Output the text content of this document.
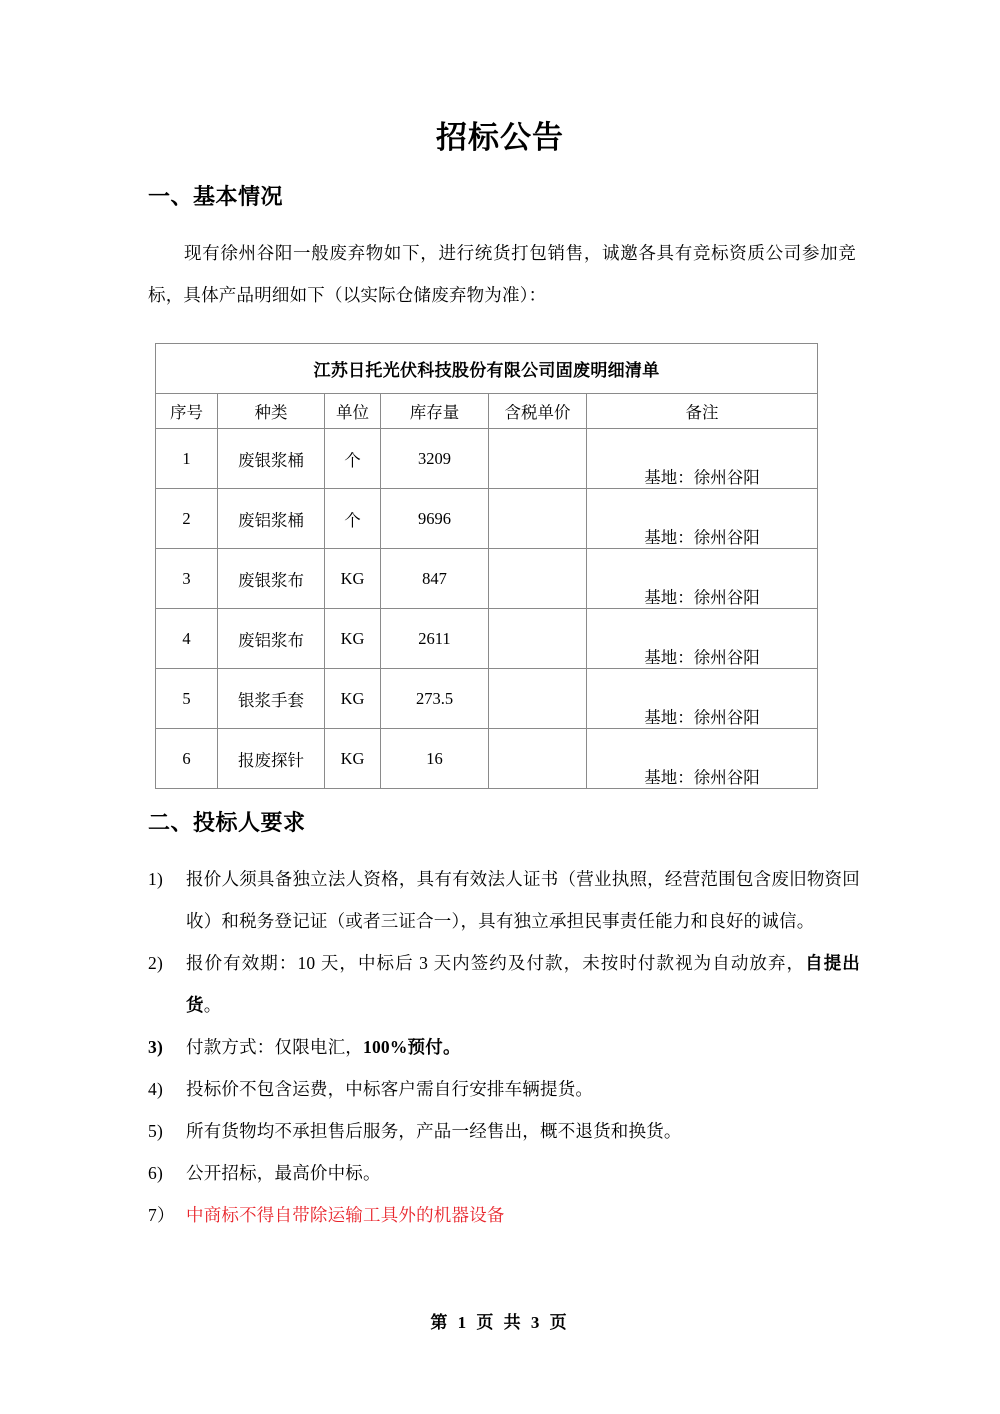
招标公告
一、基本情况
现有徐州谷阳一般废弃物如下，进行统货打包销售，诚邀各具有竞标资质公司参加竞标，具体产品明细如下（以实际仓储废弃物为准）：
江苏日托光伏科技股份有限公司固废明细清单					
序号	种类	单位	库存量	含税单价	备注
1	废银浆桶	个	3209		基地：徐州谷阳
2	废铝浆桶	个	9696		基地：徐州谷阳
3	废银浆布	KG	847		基地：徐州谷阳
4	废铝浆布	KG	2611		基地：徐州谷阳
5	银浆手套	KG	273.5		基地：徐州谷阳
6	报废探针	KG	16		基地：徐州谷阳
二、投标人要求
1)	报价人须具备独立法人资格，具有有效法人证书（营业执照，经营范围包含废旧物资回收）和税务登记证（或者三证合一），具有独立承担民事责任能力和良好的诚信。
2)	报价有效期：10 天，中标后 3 天内签约及付款，未按时付款视为自动放弃，自提出货。
3)	付款方式：仅限电汇，100%预付。
4)	投标价不包含运费，中标客户需自行安排车辆提货。
5)	所有货物均不承担售后服务，产品一经售出，概不退货和换货。
6)	公开招标，最高价中标。
7） 中商标不得自带除运输工具外的机器设备
第 1 页 共 3 页
